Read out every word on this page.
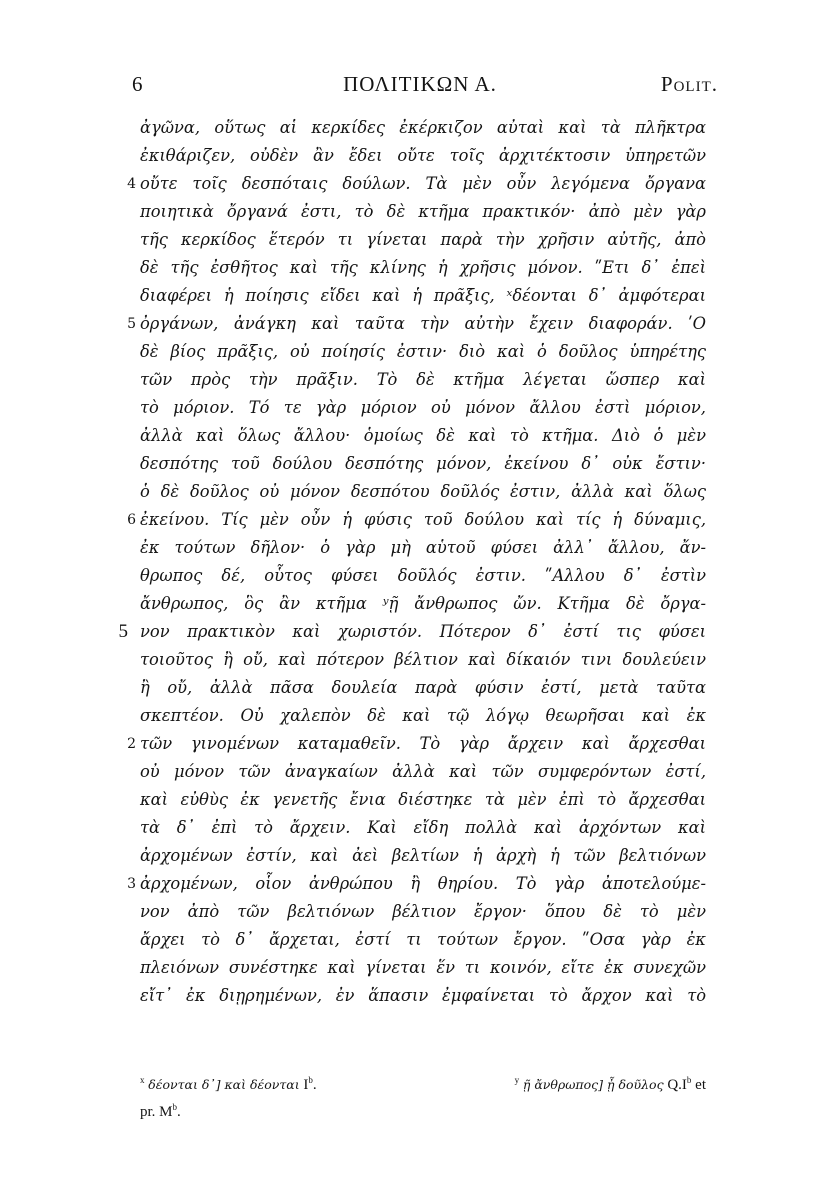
6	ΠΟΛΙΤΙΚΩΝ Α.	Polit.
ἀγῶνα, οὕτως αἱ κερκίδες ἐκέρκιζον αὐταὶ καὶ τὰ πλῆκτρα
ἐκιθάριζεν, οὐδὲν ἂν ἔδει οὔτε τοῖς ἀρχιτέκτοσιν ὑπηρετῶν
4 οὔτε τοῖς δεσπόταις δούλων. Τὰ μὲν οὖν λεγόμενα ὄργανα
ποιητικὰ ὄργανά ἐστι, τὸ δὲ κτῆμα πρακτικόν· ἀπὸ μὲν γὰρ
τῆς κερκίδος ἕτερόν τι γίνεται παρὰ τὴν χρῆσιν αὐτῆς, ἀπὸ
δὲ τῆς ἐσθῆτος καὶ τῆς κλίνης ἡ χρῆσις μόνον. ʺΕτι δ᾽ ἐπεὶ
διαφέρει ἡ ποίησις εἴδει καὶ ἡ πρᾶξις, ˣδέονται δ᾽ ἀμφότεραι
5 ὀργάνων, ἀνάγκη καὶ ταῦτα τὴν αὐτὴν ἔχειν διαφοράν. ʹΟ
δὲ βίος πρᾶξις, οὐ ποίησίς ἐστιν· διὸ καὶ ὁ δοῦλος ὑπηρέτης
τῶν πρὸς τὴν πρᾶξιν. Τὸ δὲ κτῆμα λέγεται ὥσπερ καὶ
τὸ μόριον. Τό τε γὰρ μόριον οὐ μόνον ἄλλου ἐστὶ μόριον,
ἀλλὰ καὶ ὅλως ἄλλου· ὁμοίως δὲ καὶ τὸ κτῆμα. Διὸ ὁ μὲν
δεσπότης τοῦ δούλου δεσπότης μόνον, ἐκείνου δ᾽ οὐκ ἔστιν·
ὁ δὲ δοῦλος οὐ μόνον δεσπότου δοῦλός ἐστιν, ἀλλὰ καὶ ὅλως
6 ἐκείνου. Τίς μὲν οὖν ἡ φύσις τοῦ δούλου καὶ τίς ἡ δύναμις,
ἐκ τούτων δῆλον· ὁ γὰρ μὴ αὑτοῦ φύσει ἀλλ᾽ ἄλλου, ἄν-
θρωπος δέ, οὗτος φύσει δοῦλός ἐστιν. ʺΑλλου δ᾽ ἐστὶν
ἄνθρωπος, ὃς ἂν κτῆμα ʸῇ ἄνθρωπος ὤν. Κτῆμα δὲ ὄργα-
5 νον πρακτικὸν καὶ χωριστόν. Πότερον δ᾽ ἐστί τις φύσει
τοιοῦτος ἢ οὔ, καὶ πότερον βέλτιον καὶ δίκαιόν τινι δουλεύειν
ἢ οὔ, ἀλλὰ πᾶσα δουλεία παρὰ φύσιν ἐστί, μετὰ ταῦτα
σκεπτέον. Οὐ χαλεπὸν δὲ καὶ τῷ λόγῳ θεωρῆσαι καὶ ἐκ
2 τῶν γινομένων καταμαθεῖν. Τὸ γὰρ ἄρχειν καὶ ἄρχεσθαι
οὐ μόνον τῶν ἀναγκαίων ἀλλὰ καὶ τῶν συμφερόντων ἐστί,
καὶ εὐθὺς ἐκ γενετῆς ἔνια διέστηκε τὰ μὲν ἐπὶ τὸ ἄρχεσθαι
τὰ δ᾽ ἐπὶ τὸ ἄρχειν. Καὶ εἴδη πολλὰ καὶ ἀρχόντων καὶ
ἀρχομένων ἐστίν, καὶ ἀεὶ βελτίων ἡ ἀρχὴ ἡ τῶν βελτιόνων
3 ἀρχομένων, οἷον ἀνθρώπου ἢ θηρίου. Τὸ γὰρ ἀποτελούμε-
νον ἀπὸ τῶν βελτιόνων βέλτιον ἔργον· ὅπου δὲ τὸ μὲν
ἄρχει τὸ δ᾽ ἄρχεται, ἐστί τι τούτων ἔργον. ʺΟσα γὰρ ἐκ
πλειόνων συνέστηκε καὶ γίνεται ἕν τι κοινόν, εἴτε ἐκ συνεχῶν
εἴτ᾽ ἐκ διῃρημένων, ἐν ἅπασιν ἐμφαίνεται τὸ ἄρχον καὶ τὸ
$^x$ δέονται δ᾽] καὶ δέονται $I^b$.	$^y$ ῇ ἄνθρωπος] ᾖ δοῦλος $Q.I^b$ et
pr. $M^b$.
